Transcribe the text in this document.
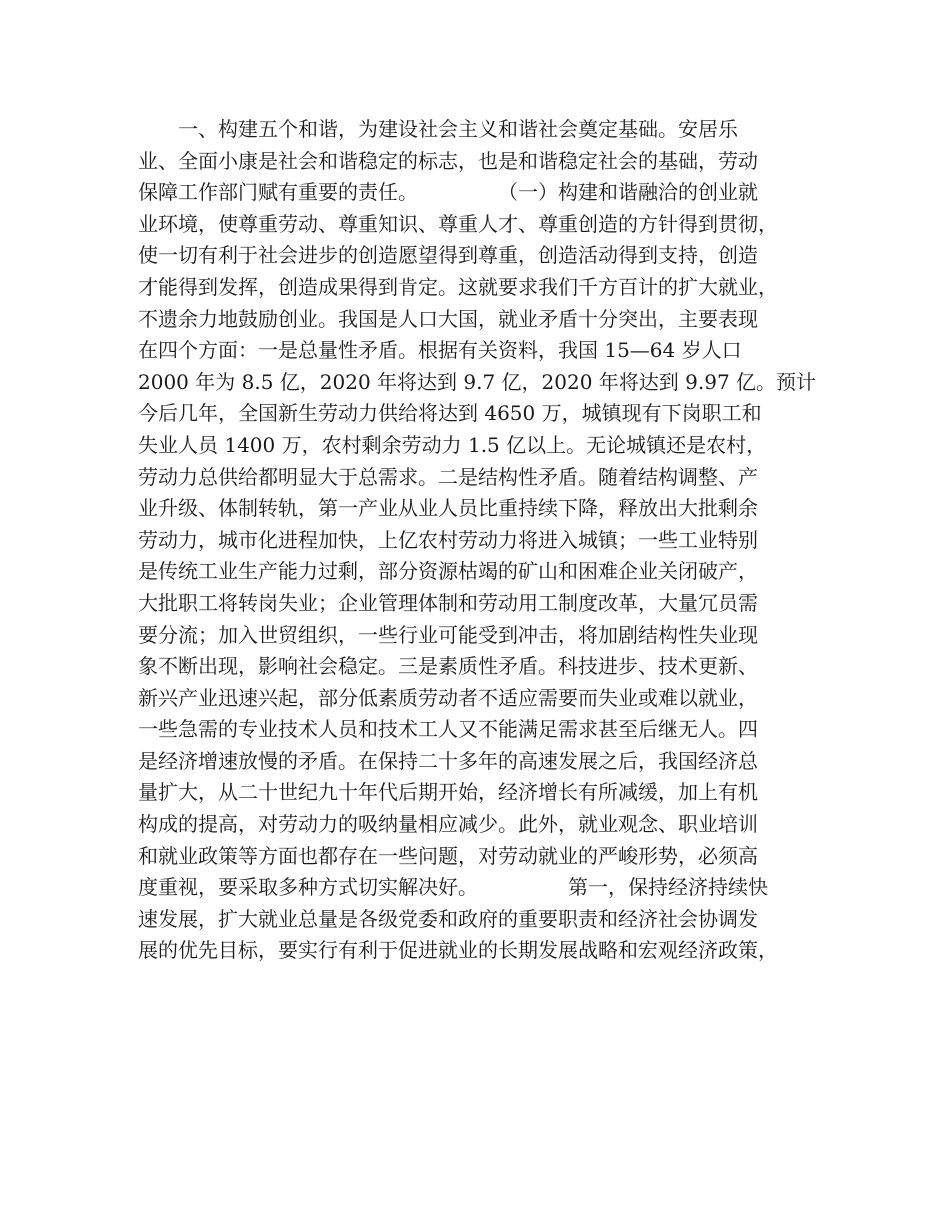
　　一、构建五个和谐，为建设社会主义和谐社会奠定基础。安居乐
业、全面小康是社会和谐稳定的标志，也是和谐稳定社会的基础，劳动
保障工作部门赋有重要的责任。　　　　　（一）构建和谐融洽的创业就
业环境，使尊重劳动、尊重知识、尊重人才、尊重创造的方针得到贯彻，
使一切有利于社会进步的创造愿望得到尊重，创造活动得到支持，创造
才能得到发挥，创造成果得到肯定。这就要求我们千方百计的扩大就业，
不遗余力地鼓励创业。我国是人口大国，就业矛盾十分突出，主要表现
在四个方面：一是总量性矛盾。根据有关资料，我国 15—64 岁人口
2000 年为 8.5 亿，2020 年将达到 9.7 亿，2020 年将达到 9.97 亿。预计
今后几年，全国新生劳动力供给将达到 4650 万，城镇现有下岗职工和
失业人员 1400 万，农村剩余劳动力 1.5 亿以上。无论城镇还是农村，
劳动力总供给都明显大于总需求。二是结构性矛盾。随着结构调整、产
业升级、体制转轨，第一产业从业人员比重持续下降，释放出大批剩余
劳动力，城市化进程加快，上亿农村劳动力将进入城镇；一些工业特别
是传统工业生产能力过剩，部分资源枯竭的矿山和困难企业关闭破产，
大批职工将转岗失业；企业管理体制和劳动用工制度改革，大量冗员需
要分流；加入世贸组织，一些行业可能受到冲击，将加剧结构性失业现
象不断出现，影响社会稳定。三是素质性矛盾。科技进步、技术更新、
新兴产业迅速兴起，部分低素质劳动者不适应需要而失业或难以就业，
一些急需的专业技术人员和技术工人又不能满足需求甚至后继无人。四
是经济增速放慢的矛盾。在保持二十多年的高速发展之后，我国经济总
量扩大，从二十世纪九十年代后期开始，经济增长有所减缓，加上有机
构成的提高，对劳动力的吸纳量相应减少。此外，就业观念、职业培训
和就业政策等方面也都存在一些问题，对劳动就业的严峻形势，必须高
度重视，要采取多种方式切实解决好。　　　　　第一，保持经济持续快
速发展，扩大就业总量是各级党委和政府的重要职责和经济社会协调发
展的优先目标，要实行有利于促进就业的长期发展战略和宏观经济政策，
